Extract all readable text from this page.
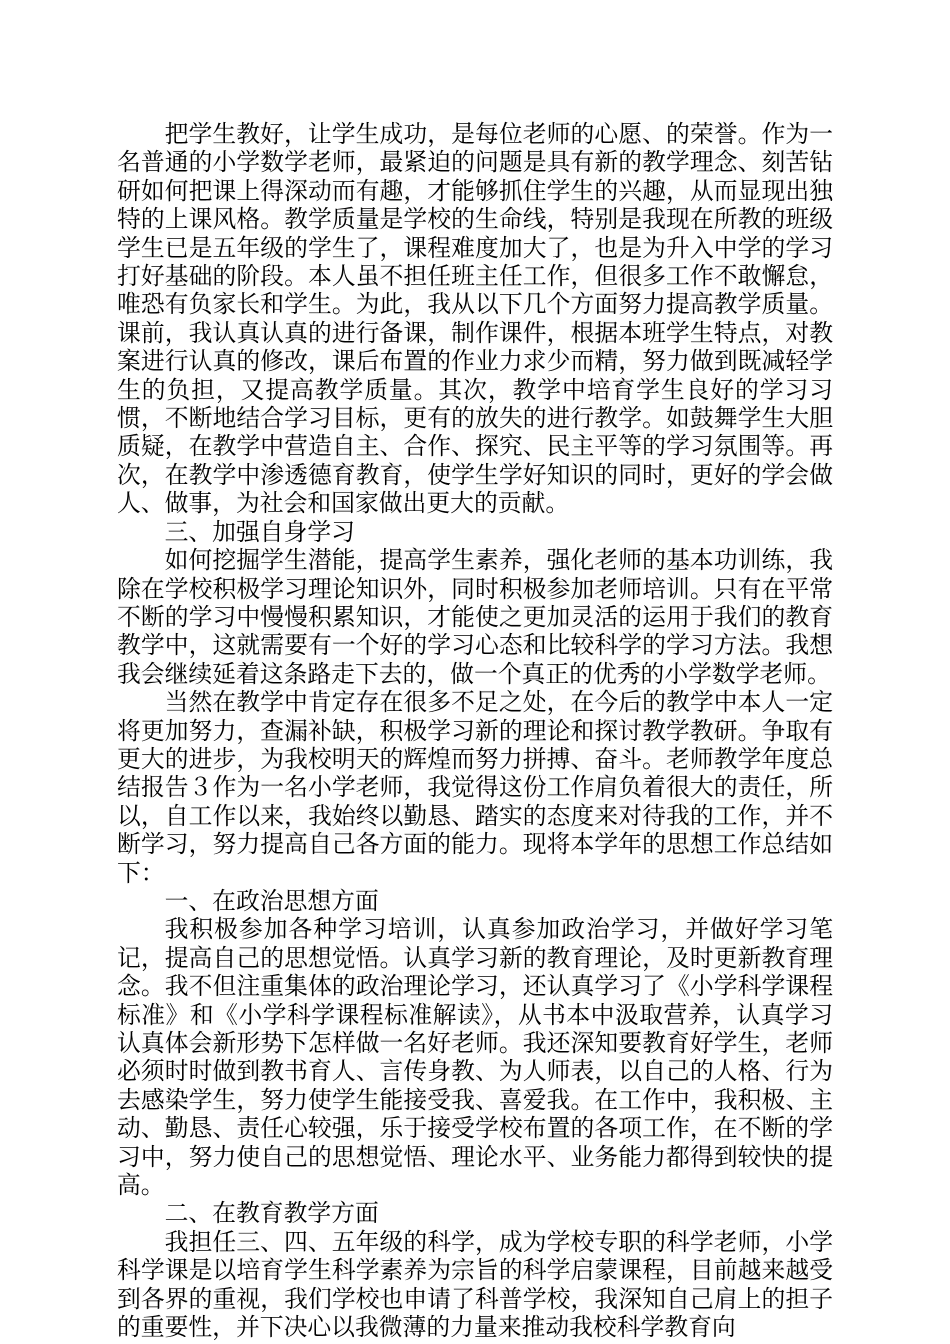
把学生教好，让学生成功，是每位老师的心愿、的荣誉。作为一名普通的小学数学老师，最紧迫的问题是具有新的教学理念、刻苦钻研如何把课上得深动而有趣，才能够抓住学生的兴趣，从而显现出独特的上课风格。教学质量是学校的生命线，特别是我现在所教的班级学生已是五年级的学生了，课程难度加大了，也是为升入中学的学习打好基础的阶段。本人虽不担任班主任工作，但很多工作不敢懈怠，唯恐有负家长和学生。为此，我从以下几个方面努力提高教学质量。课前，我认真认真的进行备课，制作课件，根据本班学生特点，对教案进行认真的修改，课后布置的作业力求少而精，努力做到既减轻学生的负担，又提高教学质量。其次，教学中培育学生良好的学习习惯，不断地结合学习目标，更有的放失的进行教学。如鼓舞学生大胆质疑，在教学中营造自主、合作、探究、民主平等的学习氛围等。再次，在教学中渗透德育教育，使学生学好知识的同时，更好的学会做人、做事，为社会和国家做出更大的贡献。

三、加强自身学习

如何挖掘学生潜能，提高学生素养，强化老师的基本功训练，我除在学校积极学习理论知识外，同时积极参加老师培训。只有在平常不断的学习中慢慢积累知识，才能使之更加灵活的运用于我们的教育教学中，这就需要有一个好的学习心态和比较科学的学习方法。我想我会继续延着这条路走下去的，做一个真正的优秀的小学数学老师。

当然在教学中肯定存在很多不足之处，在今后的教学中本人一定将更加努力，查漏补缺，积极学习新的理论和探讨教学教研。争取有更大的进步，为我校明天的辉煌而努力拼搏、奋斗。老师教学年度总结报告３作为一名小学老师，我觉得这份工作肩负着很大的责任，所以，自工作以来，我始终以勤恳、踏实的态度来对待我的工作，并不断学习，努力提高自己各方面的能力。现将本学年的思想工作总结如下：

一、在政治思想方面

我积极参加各种学习培训，认真参加政治学习，并做好学习笔记，提高自己的思想觉悟。认真学习新的教育理论，及时更新教育理念。我不但注重集体的政治理论学习，还认真学习了《小学科学课程标准》和《小学科学课程标准解读》，从书本中汲取营养，认真学习认真体会新形势下怎样做一名好老师。我还深知要教育好学生，老师必须时时做到教书育人、言传身教、为人师表，以自己的人格、行为去感染学生，努力使学生能接受我、喜爱我。在工作中，我积极、主动、勤恳、责任心较强，乐于接受学校布置的各项工作，在不断的学习中，努力使自己的思想觉悟、理论水平、业务能力都得到较快的提高。

二、在教育教学方面

我担任三、四、五年级的科学，成为学校专职的科学老师，小学科学课是以培育学生科学素养为宗旨的科学启蒙课程，目前越来越受到各界的重视，我们学校也申请了科普学校，我深知自己肩上的担子的重要性，并下决心以我微薄的力量来推动我校科学教育向
